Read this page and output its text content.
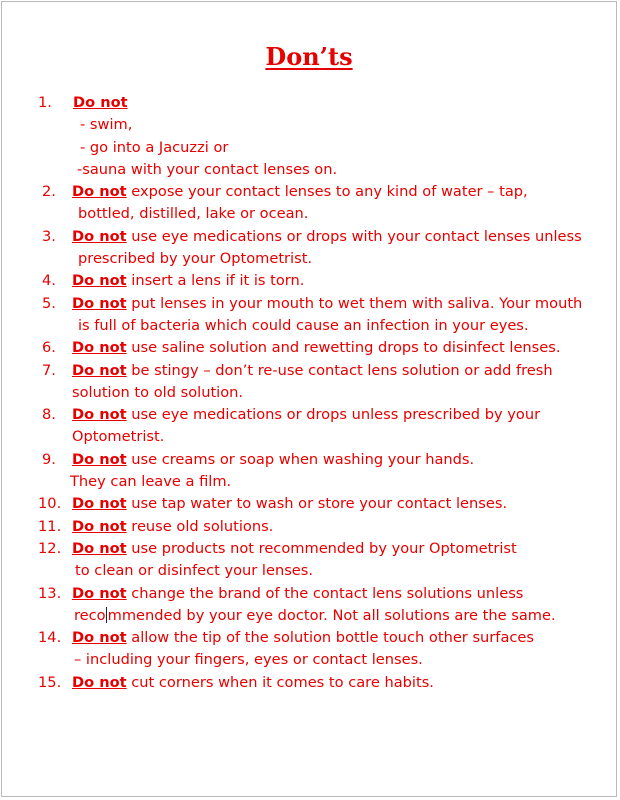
Don’ts
1.	Do not
- swim,
- go into a Jacuzzi or
-sauna with your contact lenses on.
2.	Do not expose your contact lenses to any kind of water – tap,
bottled, distilled, lake or ocean.
3.	Do not use eye medications or drops with your contact lenses unless
prescribed by your Optometrist.
4.	Do not insert a lens if it is torn.
5.	Do not put lenses in your mouth to wet them with saliva. Your mouth
is full of bacteria which could cause an infection in your eyes.
6.	Do not use saline solution and rewetting drops to disinfect lenses.
7.	Do not be stingy – don’t re-use contact lens solution or add fresh
solution to old solution.
8.	Do not use eye medications or drops unless prescribed by your
Optometrist.
9.	Do not use creams or soap when washing your hands.
They can leave a film.
10. Do not use tap water to wash or store your contact lenses.
11. Do not reuse old solutions.
12. Do not use products not recommended by your Optometrist
to clean or disinfect your lenses.
13. Do not change the brand of the contact lens solutions unless
reco mmended by your eye doctor. Not all solutions are the same.
14. Do not allow the tip of the solution bottle touch other surfaces
– including your fingers, eyes or contact lenses.
15. Do not cut corners when it comes to care habits.
